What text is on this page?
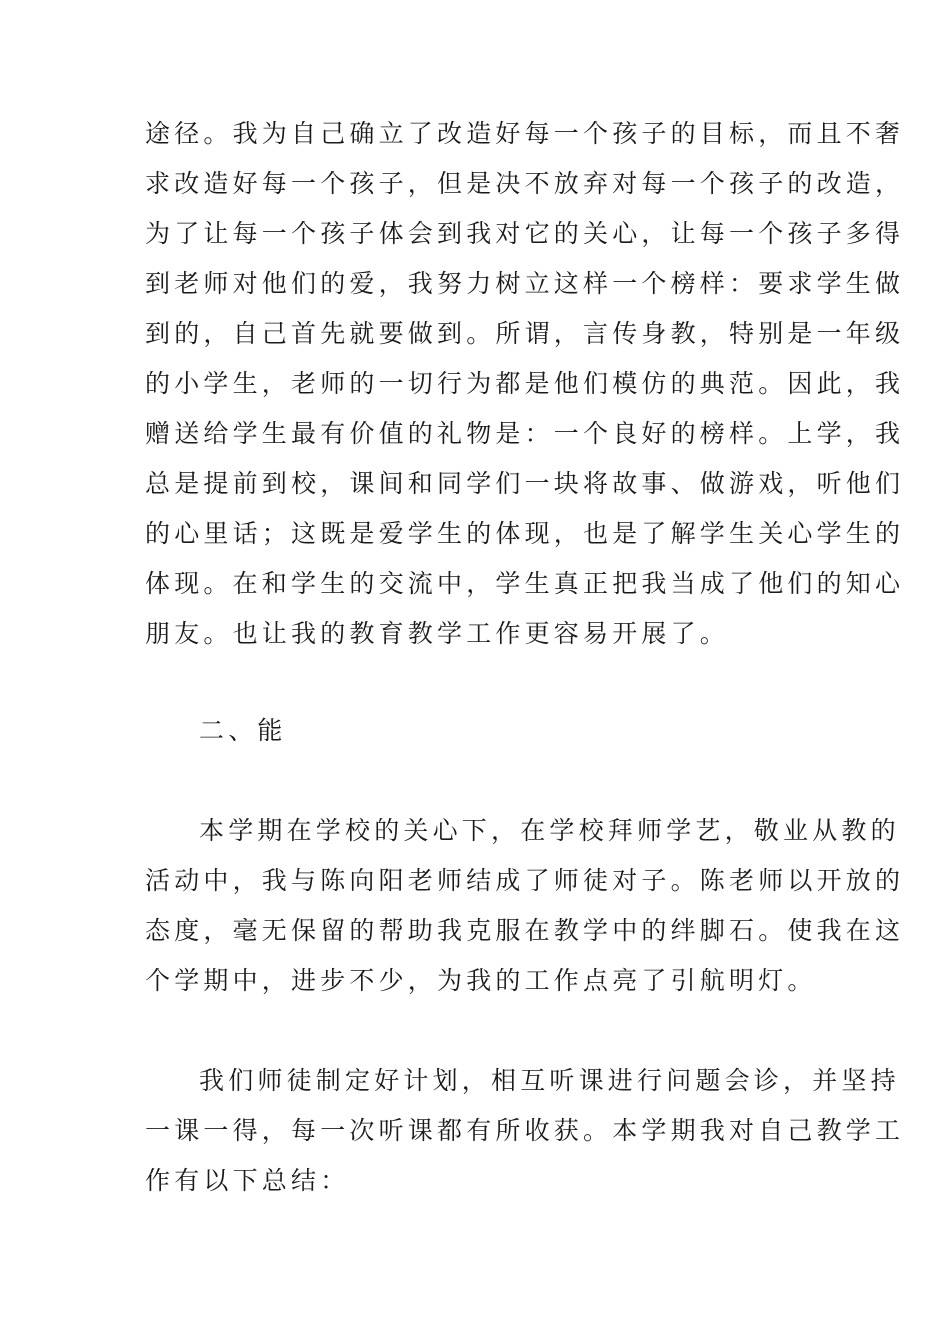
途径。我为自己确立了改造好每一个孩子的目标，而且不奢
求改造好每一个孩子，但是决不放弃对每一个孩子的改造，
为了让每一个孩子体会到我对它的关心，让每一个孩子多得
到老师对他们的爱，我努力树立这样一个榜样：要求学生做
到的，自己首先就要做到。所谓，言传身教，特别是一年级
的小学生，老师的一切行为都是他们模仿的典范。因此，我
赠送给学生最有价值的礼物是：一个良好的榜样。上学，我
总是提前到校，课间和同学们一块将故事、做游戏，听他们
的心里话；这既是爱学生的体现，也是了解学生关心学生的
体现。在和学生的交流中，学生真正把我当成了他们的知心
朋友。也让我的教育教学工作更容易开展了。
二、能
本学期在学校的关心下，在学校拜师学艺，敬业从教的
活动中，我与陈向阳老师结成了师徒对子。陈老师以开放的
态度，毫无保留的帮助我克服在教学中的绊脚石。使我在这
个学期中，进步不少，为我的工作点亮了引航明灯。
我们师徒制定好计划，相互听课进行问题会诊，并坚持
一课一得，每一次听课都有所收获。本学期我对自己教学工
作有以下总结：
